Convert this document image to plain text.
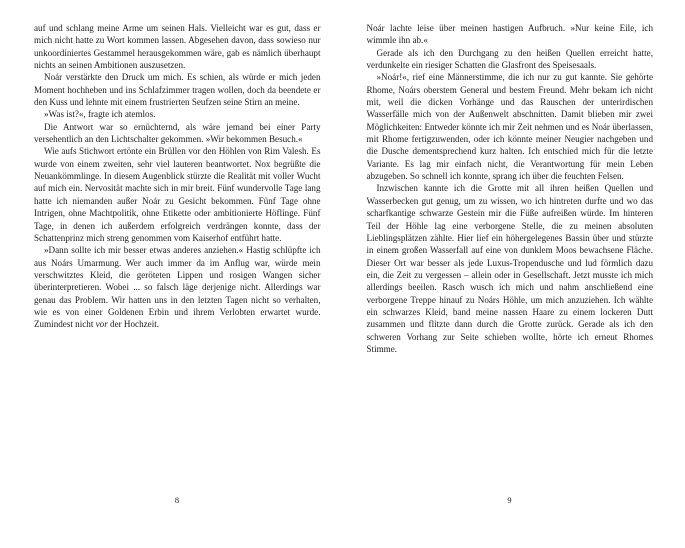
auf und schlang meine Arme um seinen Hals. Vielleicht war es gut, dass er mich nicht hatte zu Wort kommen lassen. Abgesehen davon, dass sowieso nur unkoordiniertes Gestammel herausgekommen wäre, gab es nämlich überhaupt nichts an seinen Ambitionen auszusetzen.

Noár verstärkte den Druck um mich. Es schien, als würde er mich jeden Moment hochheben und ins Schlafzimmer tragen wollen, doch da beendete er den Kuss und lehnte mit einem frustrierten Seufzen seine Stirn an meine.

»Was ist?«, fragte ich atemlos.

Die Antwort war so ernüchternd, als wäre jemand bei einer Party versehentlich an den Lichtschalter gekommen. »Wir bekommen Besuch.«

Wie aufs Stichwort ertönte ein Brüllen vor den Höhlen von Rim Valesh. Es wurde von einem zweiten, sehr viel lauteren beantwortet. Nox begrüßte die Neuankömmlinge. In diesem Augenblick stürzte die Realität mit voller Wucht auf mich ein. Nervosität machte sich in mir breit. Fünf wundervolle Tage lang hatte ich niemanden außer Noár zu Gesicht bekommen. Fünf Tage ohne Intrigen, ohne Machtpolitik, ohne Etikette oder ambitionierte Höflinge. Fünf Tage, in denen ich außerdem erfolgreich verdrängen konnte, dass der Schattenprinz mich streng genommen vom Kaiserhof entführt hatte.

»Dann sollte ich mir besser etwas anderes anziehen.« Hastig schlüpfte ich aus Noárs Umarmung. Wer auch immer da im Anflug war, würde mein verschwitztes Kleid, die geröteten Lippen und rosigen Wangen sicher überinterpretieren. Wobei ... so falsch läge derjenige nicht. Allerdings war genau das Problem. Wir hatten uns in den letzten Tagen nicht so verhalten, wie es von einer Goldenen Erbin und ihrem Verlobten erwartet wurde. Zumindest nicht vor der Hochzeit.

8

Noár lachte leise über meinen hastigen Aufbruch. »Nur keine Eile, ich wimmle ihn ab.«

Gerade als ich den Durchgang zu den heißen Quellen erreicht hatte, verdunkelte ein riesiger Schatten die Glasfront des Speisesaals.

»Noár!«, rief eine Männerstimme, die ich nur zu gut kannte. Sie gehörte Rhome, Noárs oberstem General und bestem Freund. Mehr bekam ich nicht mit, weil die dicken Vorhänge und das Rauschen der unterirdischen Wasserfälle mich von der Außenwelt abschnitten. Damit blieben mir zwei Möglichkeiten: Entweder könnte ich mir Zeit nehmen und es Noár überlassen, mit Rhome fertigzuwenden, oder ich könnte meiner Neugier nachgeben und die Dusche dementsprechend kurz halten. Ich entschied mich für die letzte Variante. Es lag mir einfach nicht, die Verantwortung für mein Leben abzugeben. So schnell ich konnte, sprang ich über die feuchten Felsen.

Inzwischen kannte ich die Grotte mit all ihren heißen Quellen und Wasserbecken gut genug, um zu wissen, wo ich hintreten durfte und wo das scharfkantige schwarze Gestein mir die Füße aufreißen würde. Im hinteren Teil der Höhle lag eine verborgene Stelle, die zu meinen absoluten Lieblingsplätzen zählte. Hier lief ein höhergelegenes Bassin über und stürzte in einem großen Wasserfall auf eine von dunklem Moos bewachsene Fläche. Dieser Ort war besser als jede Luxus-Tropendusche und lud förmlich dazu ein, die Zeit zu vergessen – allein oder in Gesellschaft. Jetzt musste ich mich allerdings beeilen. Rasch wusch ich mich und nahm anschließend eine verborgene Treppe hinauf zu Noárs Höhle, um mich anzuziehen. Ich wählte ein schwarzes Kleid, band meine nassen Haare zu einem lockeren Dutt zusammen und flitzte dann durch die Grotte zurück. Gerade als ich den schweren Vorhang zur Seite schieben wollte, hörte ich erneut Rhomes Stimme.

9
